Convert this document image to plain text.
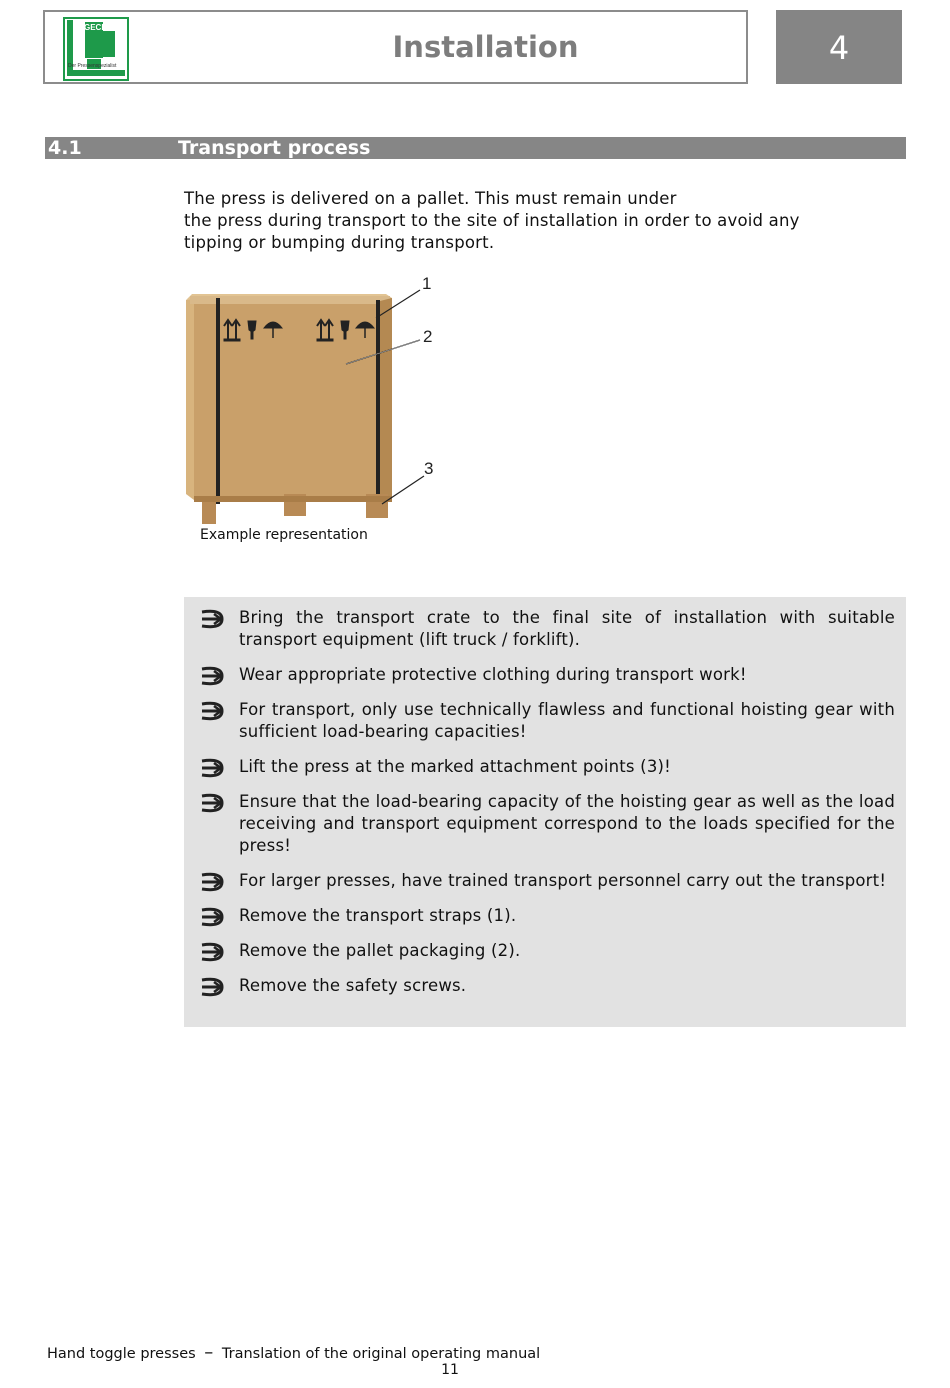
GECHTER
Der Pressenspezialist
Installation	4
4.1	Transport process
The press is delivered on a pallet. This must remain under
the press during transport to the site of installation in order to avoid any
tipping or bumping during transport.
1
2
3
Example representation
Bring the transport crate to the final site of installation with suitable transport equipment (lift truck / forklift).
Wear appropriate protective clothing during transport work!
For transport, only use technically flawless and functional hoisting gear with sufficient load-bearing capacities!
Lift the press at the marked attachment points (3)!
Ensure that the load-bearing capacity of the hoisting gear as well as the load receiving and transport equipment correspond to the loads specified for the press!
For larger presses, have trained transport personnel carry out the transport!
Remove the transport straps (1).
Remove the pallet packaging (2).
Remove the safety screws.
Hand toggle presses – Translation of the original operating manual
11
